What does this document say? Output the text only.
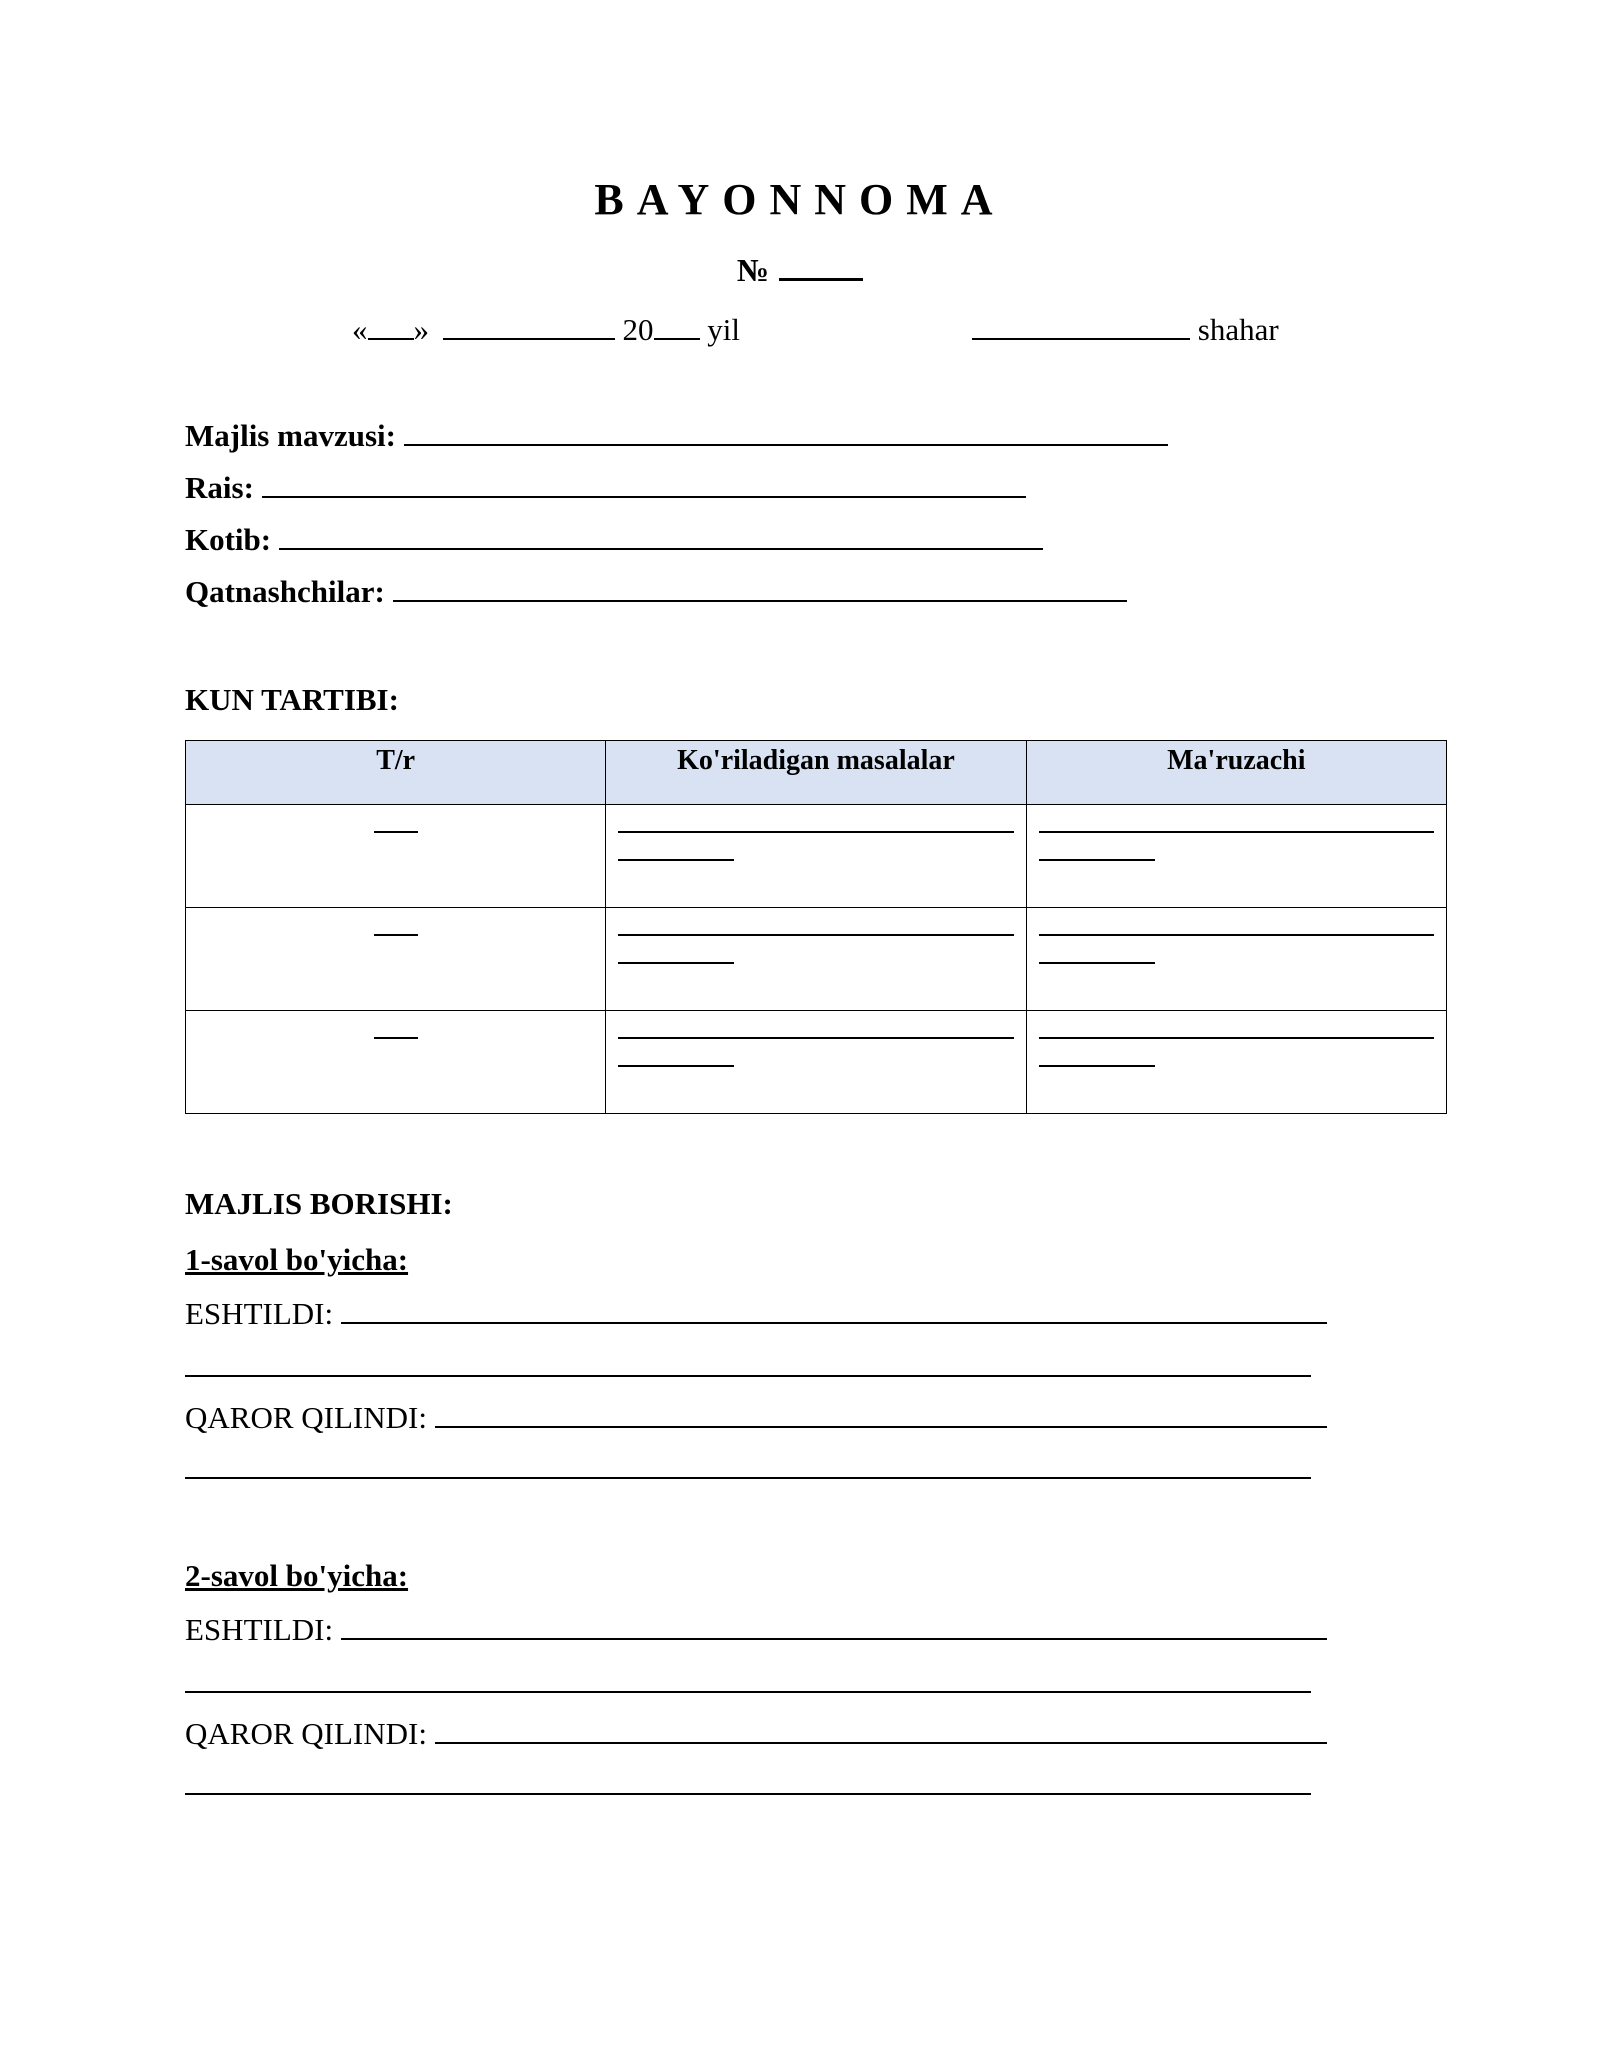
BAYONNOMA
№
« »	20 yil	shahar
Majlis mavzusi:
Rais:
Kotib:
Qatnashchilar:
KUN TARTIBI:
T/r	Ko'riladigan masalalar	Ma'ruzachi

MAJLIS BORISHI:
1-savol bo'yicha:
ESHTILDI:
QAROR QILINDI:
2-savol bo'yicha:
ESHTILDI:
QAROR QILINDI:
